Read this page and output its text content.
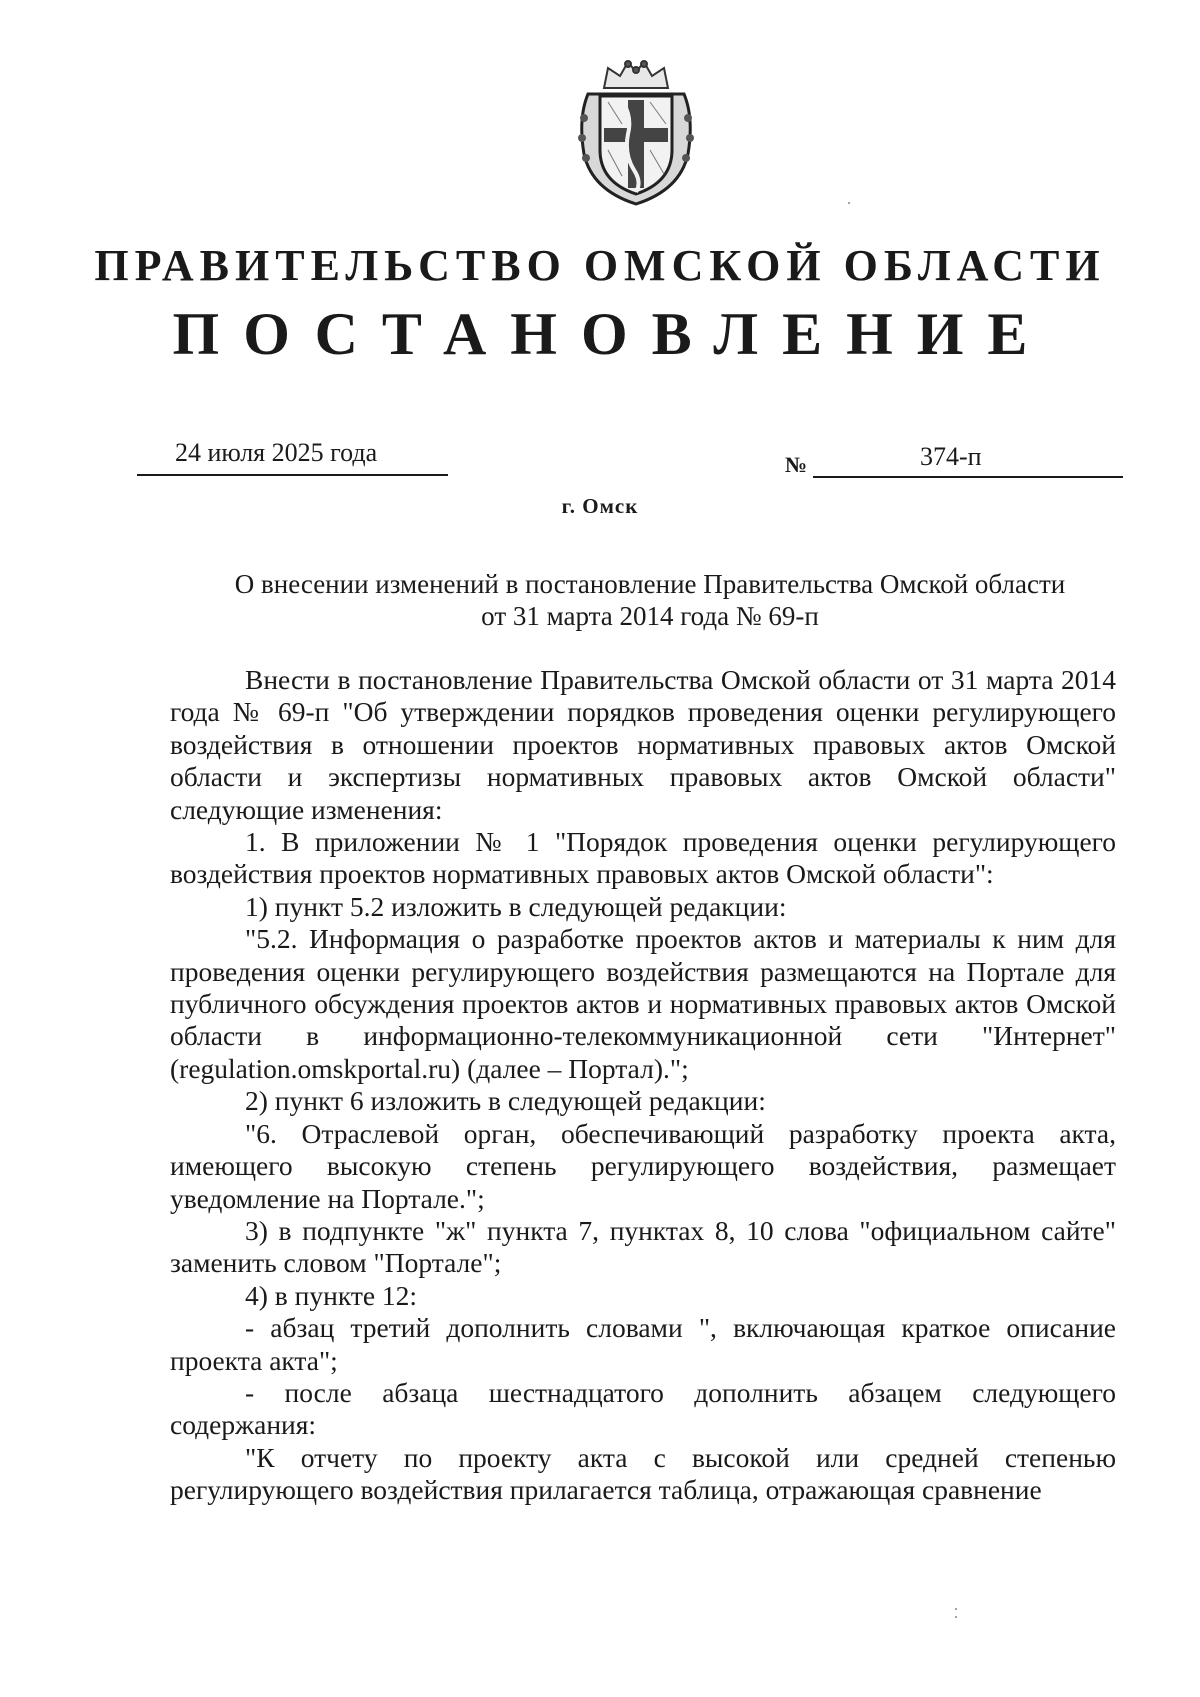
ПРАВИТЕЛЬСТВО ОМСКОЙ ОБЛАСТИ
ПОСТАНОВЛЕНИЕ
24 июля 2025 года	№	374-п
г. Омск
О внесении изменений в постановление Правительства Омской области
от 31 марта 2014 года № 69-п

Внести в постановление Правительства Омской области от 31 марта 2014 года № 69-п "Об утверждении порядков проведения оценки регулирующего воздействия в отношении проектов нормативных правовых актов Омской области и экспертизы нормативных правовых актов Омской области" следующие изменения:

1. В приложении № 1 "Порядок проведения оценки регулирующего воздействия проектов нормативных правовых актов Омской области":

1) пункт 5.2 изложить в следующей редакции:

"5.2. Информация о разработке проектов актов и материалы к ним для проведения оценки регулирующего воздействия размещаются на Портале для публичного обсуждения проектов актов и нормативных правовых актов Омской области в информационно-телекоммуникационной сети "Интернет" (regulation.omskportal.ru) (далее – Портал).";

2) пункт 6 изложить в следующей редакции:

"6. Отраслевой орган, обеспечивающий разработку проекта акта, имеющего высокую степень регулирующего воздействия, размещает уведомление на Портале.";

3) в подпункте "ж" пункта 7, пунктах 8, 10 слова "официальном сайте" заменить словом "Портале";

4) в пункте 12:

- абзац третий дополнить словами ", включающая краткое описание проекта акта";

- после абзаца шестнадцатого дополнить абзацем следующего содержания:

"К отчету по проекту акта с высокой или средней степенью регулирующего воздействия прилагается таблица, отражающая сравнение
